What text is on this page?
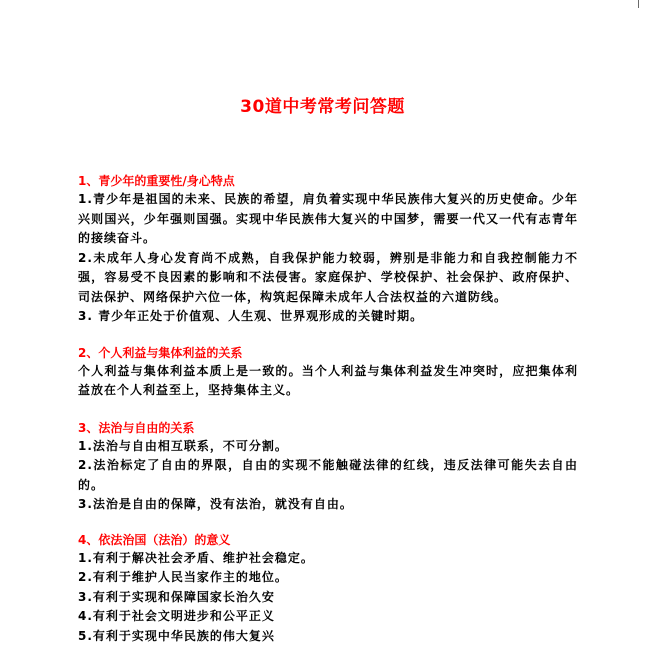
30道中考常考问答题
1、青少年的重要性/身心特点

1.青少年是祖国的未来、民族的希望，肩负着实现中华民族伟大复兴的历史使命。少年兴则国兴，少年强则国强。实现中华民族伟大复兴的中国梦，需要一代又一代有志青年的接续奋斗。

2.未成年人身心发育尚不成熟，自我保护能力较弱，辨别是非能力和自我控制能力不强，容易受不良因素的影响和不法侵害。家庭保护、学校保护、社会保护、政府保护、司法保护、网络保护六位一体，构筑起保障未成年人合法权益的六道防线。

3. 青少年正处于价值观、人生观、世界观形成的关键时期。

2、个人利益与集体利益的关系

个人利益与集体利益本质上是一致的。当个人利益与集体利益发生冲突时，应把集体利益放在个人利益至上，坚持集体主义。

3、法治与自由的关系

1.法治与自由相互联系，不可分割。

2.法治标定了自由的界限，自由的实现不能触碰法律的红线，违反法律可能失去自由的。

3.法治是自由的保障，没有法治，就没有自由。

4、依法治国（法治）的意义

1.有利于解决社会矛盾、维护社会稳定。

2.有利于维护人民当家作主的地位。

3.有利于实现和保障国家长治久安

4.有利于社会文明进步和公平正义

5.有利于实现中华民族的伟大复兴
